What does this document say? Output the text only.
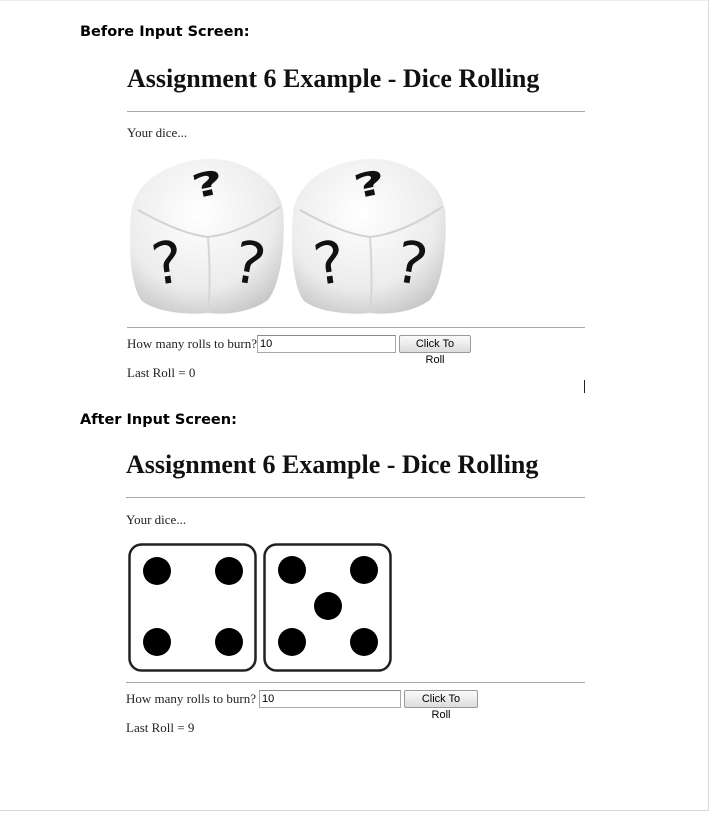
Before Input Screen:
Assignment 6 Example - Dice Rolling
Your dice...
?
? ?
?
? ?
How many rolls to burn?
10	Click To Roll
Last Roll = 0
After Input Screen:
Assignment 6 Example - Dice Rolling
Your dice...
How many rolls to burn?
10	Click To Roll
Last Roll = 9
